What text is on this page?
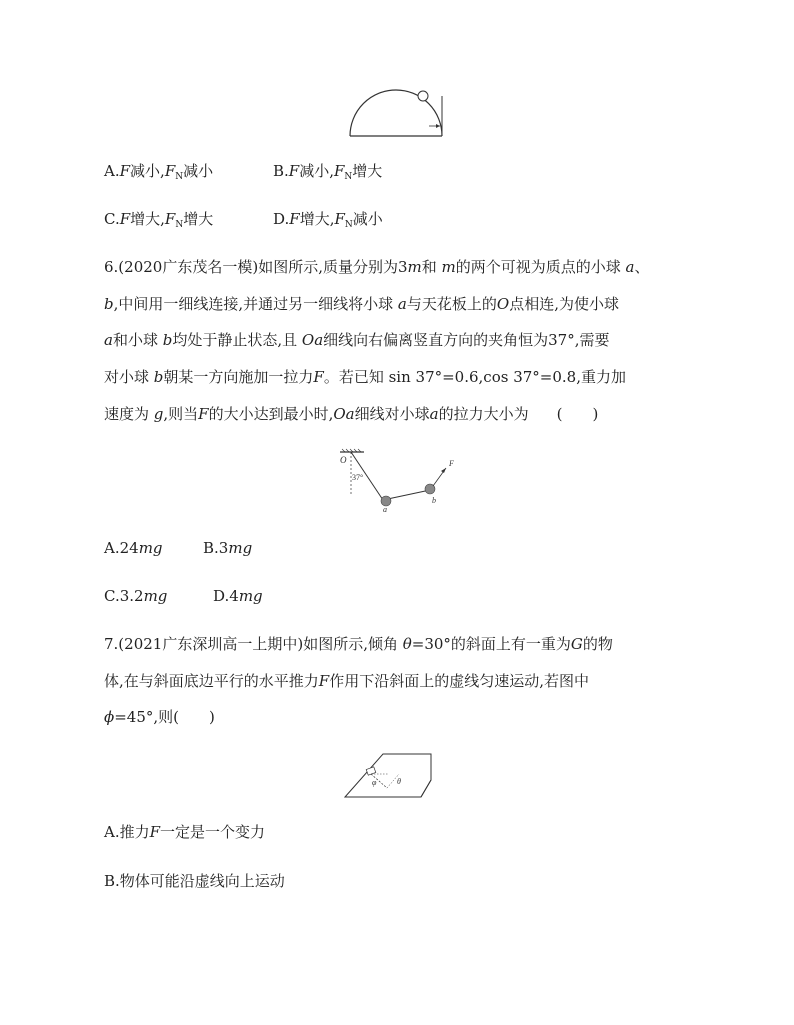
A.F减小$,F_N$减小	B.F减小$,F_N$增大
C.F增大$,F_N$增大	D.F增大$,F_N$减小
6.(2020广东茂名一模)如图所示,质量分别为3m和 m的两个可视为质点的小球 a、
b,中间用一细线连接,并通过另一细线将小球 a与天花板上的O点相连,为使小球
a和小球 b均处于静止状态,且 Oa细线向右偏离竖直方向的夹角恒为37°,需要
对小球 b朝某一方向施加一拉力F。若已知 sin 37°=0.6,cos 37°=0.8,重力加
速度为 g,则当F的大小达到最小时,Oa细线对小球a的拉力大小为 (　　)
O
37°
a
b
F
A.24mg	B.3mg
C.3.2mg	D.4mg
7.(2021广东深圳高一上期中)如图所示,倾角 θ=30°的斜面上有一重为G的物
体,在与斜面底边平行的水平推力F作用下沿斜面上的虚线匀速运动,若图中
ϕ=45°,则(　　)
φ	θ
A.推力F一定是一个变力
B.物体可能沿虚线向上运动
